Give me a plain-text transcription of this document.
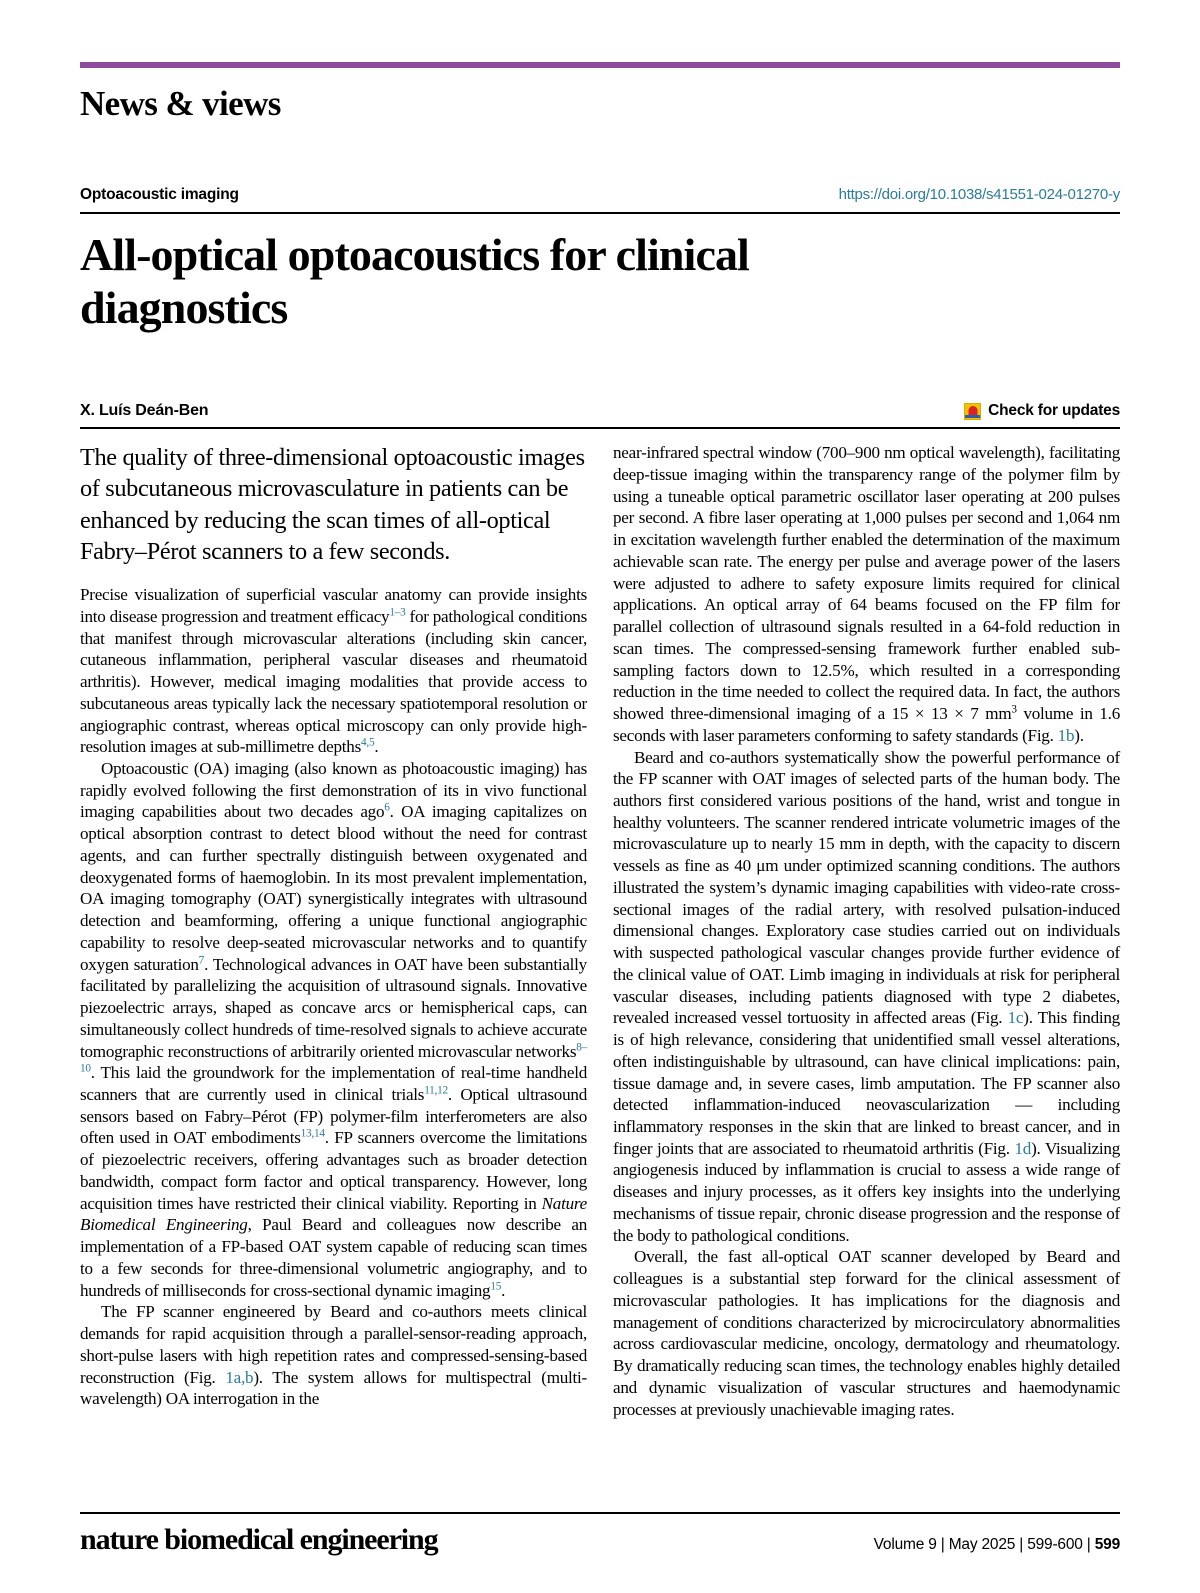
News & views
Optoacoustic imaging	https://doi.org/10.1038/s41551-024-01270-y
All-optical optoacoustics for clinical diagnostics
X. Luís Deán-Ben	Check for updates

The quality of three-dimensional optoacoustic images of subcutaneous microvasculature in patients can be enhanced by reducing the scan times of all-optical Fabry–Pérot scanners to a few seconds.

Precise visualization of superficial vascular anatomy can provide insights into disease progression and treatment efficacy$^{1-3}$ for pathological conditions that manifest through microvascular alterations (including skin cancer, cutaneous inflammation, peripheral vascular diseases and rheumatoid arthritis). However, medical imaging modalities that provide access to subcutaneous areas typically lack the necessary spatiotemporal resolution or angiographic contrast, whereas optical microscopy can only provide high-resolution images at sub-millimetre depths$^{4,5}$.

Optoacoustic (OA) imaging (also known as photoacoustic imaging) has rapidly evolved following the first demonstration of its in vivo functional imaging capabilities about two decades ago$^6$. OA imaging capitalizes on optical absorption contrast to detect blood without the need for contrast agents, and can further spectrally distinguish between oxygenated and deoxygenated forms of haemoglobin. In its most prevalent implementation, OA imaging tomography (OAT) synergistically integrates with ultrasound detection and beamforming, offering a unique functional angiographic capability to resolve deep-seated microvascular networks and to quantify oxygen saturation$^7$. Technological advances in OAT have been substantially facilitated by parallelizing the acquisition of ultrasound signals. Innovative piezoelectric arrays, shaped as concave arcs or hemispherical caps, can simultaneously collect hundreds of time-resolved signals to achieve accurate tomographic reconstructions of arbitrarily oriented microvascular networks$^{8-10}$. This laid the groundwork for the implementation of real-time handheld scanners that are currently used in clinical trials$^{11,12}$. Optical ultrasound sensors based on Fabry–Pérot (FP) polymer-film interferometers are also often used in OAT embodiments$^{13,14}$. FP scanners overcome the limitations of piezoelectric receivers, offering advantages such as broader detection bandwidth, compact form factor and optical transparency. However, long acquisition times have restricted their clinical viability. Reporting in Nature Biomedical Engineering, Paul Beard and colleagues now describe an implementation of a FP-based OAT system capable of reducing scan times to a few seconds for three-dimensional volumetric angiography, and to hundreds of milliseconds for cross-sectional dynamic imaging$^{15}$.

The FP scanner engineered by Beard and co-authors meets clinical demands for rapid acquisition through a parallel-sensor-reading approach, short-pulse lasers with high repetition rates and compressed-sensing-based reconstruction (Fig. 1a,b). The system allows for multispectral (multi-wavelength) OA interrogation in the

near-infrared spectral window (700–900 nm optical wavelength), facilitating deep-tissue imaging within the transparency range of the polymer film by using a tuneable optical parametric oscillator laser operating at 200 pulses per second. A fibre laser operating at 1,000 pulses per second and 1,064 nm in excitation wavelength further enabled the determination of the maximum achievable scan rate. The energy per pulse and average power of the lasers were adjusted to adhere to safety exposure limits required for clinical applications. An optical array of 64 beams focused on the FP film for parallel collection of ultrasound signals resulted in a 64-fold reduction in scan times. The compressed-sensing framework further enabled sub-sampling factors down to 12.5%, which resulted in a corresponding reduction in the time needed to collect the required data. In fact, the authors showed three-dimensional imaging of a 15 × 13 × 7 $mm^3$ volume in 1.6 seconds with laser parameters conforming to safety standards (Fig. 1b).

Beard and co-authors systematically show the powerful performance of the FP scanner with OAT images of selected parts of the human body. The authors first considered various positions of the hand, wrist and tongue in healthy volunteers. The scanner rendered intricate volumetric images of the microvasculature up to nearly 15 mm in depth, with the capacity to discern vessels as fine as 40 μm under optimized scanning conditions. The authors illustrated the system’s dynamic imaging capabilities with video-rate cross-sectional images of the radial artery, with resolved pulsation-induced dimensional changes. Exploratory case studies carried out on individuals with suspected pathological vascular changes provide further evidence of the clinical value of OAT. Limb imaging in individuals at risk for peripheral vascular diseases, including patients diagnosed with type 2 diabetes, revealed increased vessel tortuosity in affected areas (Fig. 1c). This finding is of high relevance, considering that unidentified small vessel alterations, often indistinguishable by ultrasound, can have clinical implications: pain, tissue damage and, in severe cases, limb amputation. The FP scanner also detected inflammation-induced neovascularization — including inflammatory responses in the skin that are linked to breast cancer, and in finger joints that are associated to rheumatoid arthritis (Fig. 1d). Visualizing angiogenesis induced by inflammation is crucial to assess a wide range of diseases and injury processes, as it offers key insights into the underlying mechanisms of tissue repair, chronic disease progression and the response of the body to pathological conditions.

Overall, the fast all-optical OAT scanner developed by Beard and colleagues is a substantial step forward for the clinical assessment of microvascular pathologies. It has implications for the diagnosis and management of conditions characterized by microcirculatory abnormalities across cardiovascular medicine, oncology, dermatology and rheumatology. By dramatically reducing scan times, the technology enables highly detailed and dynamic visualization of vascular structures and haemodynamic processes at previously unachievable imaging rates.

nature biomedical engineering	Volume 9 | May 2025 | 599-600 | 599
